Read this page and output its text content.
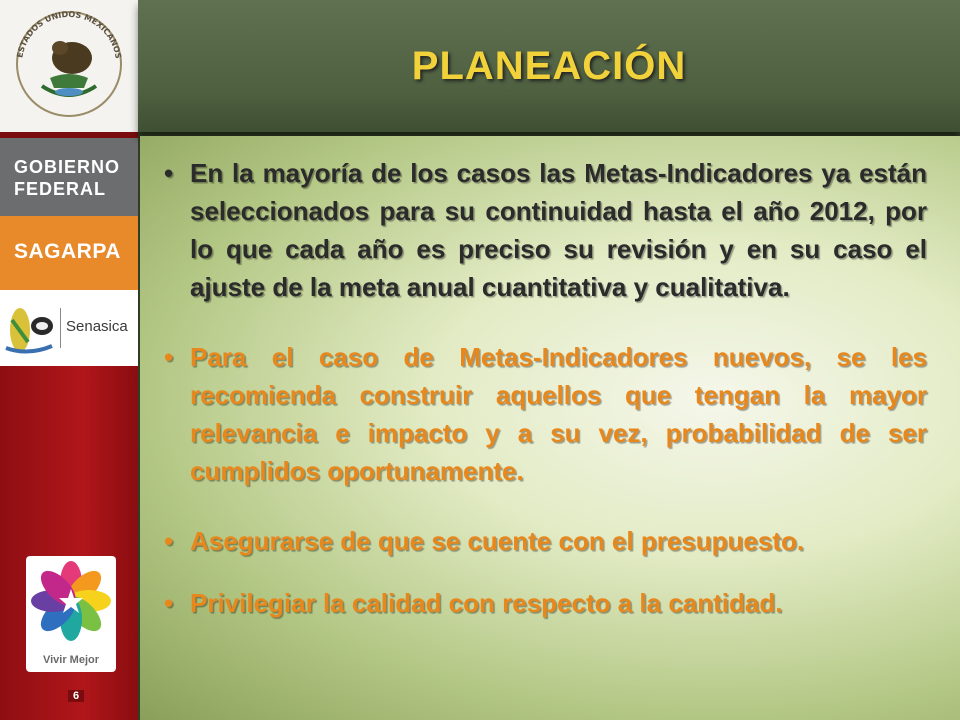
ESTADOS UNIDOS MEXICANOS
GOBIERNO
FEDERAL
SAGARPA
Senasica
Vivir Mejor
6
PLANEACIÓN
• En la mayoría de los casos las Metas-Indicadores ya están seleccionados para su continuidad hasta el año 2012, por lo que cada año es preciso su revisión y en su caso el ajuste de la meta anual cuantitativa y cualitativa.
• Para el caso de Metas-Indicadores nuevos, se les recomienda construir aquellos que tengan la mayor relevancia e impacto y a su vez, probabilidad de ser cumplidos oportunamente.
• Asegurarse de que se cuente con el presupuesto.
• Privilegiar la calidad con respecto a la cantidad.
